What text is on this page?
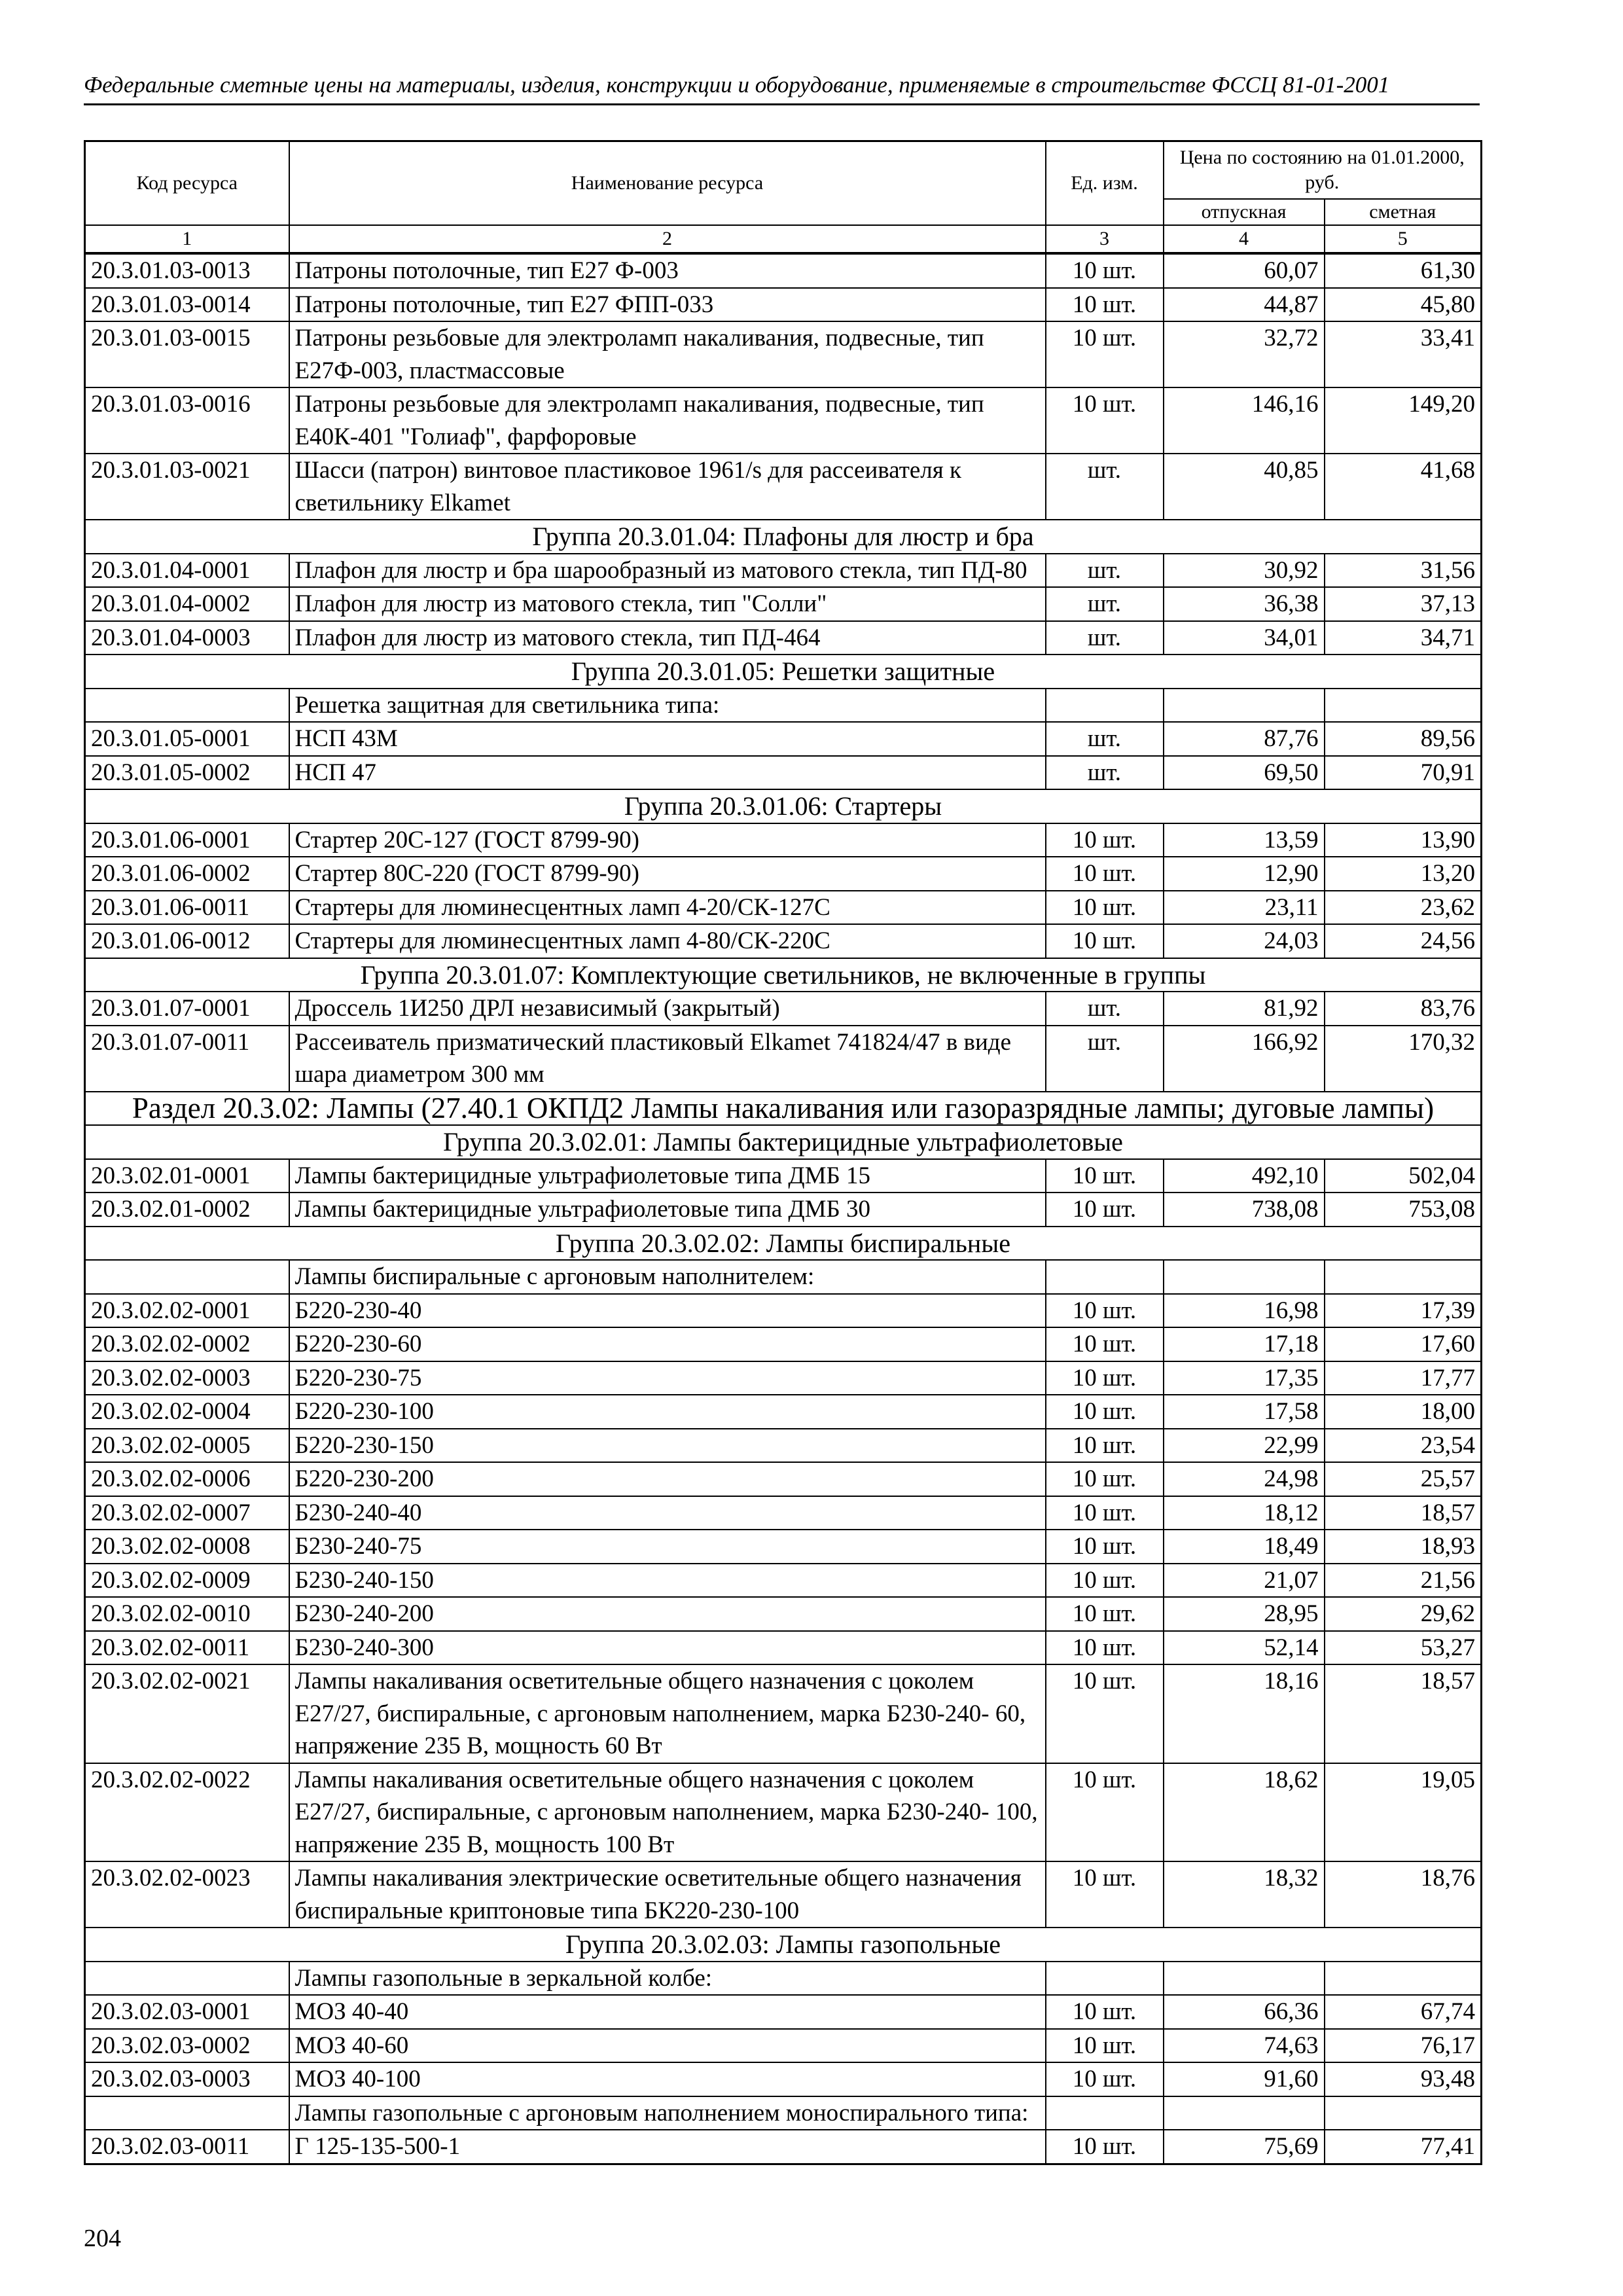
Федеральные сметные цены на материалы, изделия, конструкции и оборудование, применяемые в строительстве ФССЦ 81-01-2001
Код ресурса	Наименование ресурса	Ед. изм.	Цена по состоянию на 01.01.2000, руб.	
			отпускная	сметная
1	2	3	4	5
20.3.01.03-0013	Патроны потолочные, тип Е27 Ф-003	10 шт.	60,07	61,30
20.3.01.03-0014	Патроны потолочные, тип Е27 ФПП-033	10 шт.	44,87	45,80
20.3.01.03-0015	Патроны резьбовые для электроламп накаливания, подвесные, тип Е27Ф-003, пластмассовые	10 шт.	32,72	33,41
20.3.01.03-0016	Патроны резьбовые для электроламп накаливания, подвесные, тип Е40К-401 "Голиаф", фарфоровые	10 шт.	146,16	149,20
20.3.01.03-0021	Шасси (патрон) винтовое пластиковое 1961/s для рассеивателя к светильнику Elkamet	шт.	40,85	41,68
Группа 20.3.01.04: Плафоны для люстр и бра				
20.3.01.04-0001	Плафон для люстр и бра шарообразный из матового стекла, тип ПД-80	шт.	30,92	31,56
20.3.01.04-0002	Плафон для люстр из матового стекла, тип "Солли"	шт.	36,38	37,13
20.3.01.04-0003	Плафон для люстр из матового стекла, тип ПД-464	шт.	34,01	34,71
Группа 20.3.01.05: Решетки защитные				
	Решетка защитная для светильника типа:			
20.3.01.05-0001	НСП 43М	шт.	87,76	89,56
20.3.01.05-0002	НСП 47	шт.	69,50	70,91
Группа 20.3.01.06: Стартеры				
20.3.01.06-0001	Стартер 20С-127 (ГОСТ 8799-90)	10 шт.	13,59	13,90
20.3.01.06-0002	Стартер 80С-220 (ГОСТ 8799-90)	10 шт.	12,90	13,20
20.3.01.06-0011	Стартеры для люминесцентных ламп 4-20/СК-127С	10 шт.	23,11	23,62
20.3.01.06-0012	Стартеры для люминесцентных ламп 4-80/СК-220С	10 шт.	24,03	24,56
Группа 20.3.01.07: Комплектующие светильников, не включенные в группы				
20.3.01.07-0001	Дроссель 1И250 ДРЛ независимый (закрытый)	шт.	81,92	83,76
20.3.01.07-0011	Рассеиватель призматический пластиковый Elkamet 741824/47 в виде шара диаметром 300 мм	шт.	166,92	170,32
Раздел 20.3.02: Лампы (27.40.1 ОКПД2 Лампы накаливания или газоразрядные лампы; дуговые лампы)				
Группа 20.3.02.01: Лампы бактерицидные ультрафиолетовые				
20.3.02.01-0001	Лампы бактерицидные ультрафиолетовые типа ДМБ 15	10 шт.	492,10	502,04
20.3.02.01-0002	Лампы бактерицидные ультрафиолетовые типа ДМБ 30	10 шт.	738,08	753,08
Группа 20.3.02.02: Лампы биспиральные				
	Лампы биспиральные с аргоновым наполнителем:			
20.3.02.02-0001	Б220-230-40	10 шт.	16,98	17,39
20.3.02.02-0002	Б220-230-60	10 шт.	17,18	17,60
20.3.02.02-0003	Б220-230-75	10 шт.	17,35	17,77
20.3.02.02-0004	Б220-230-100	10 шт.	17,58	18,00
20.3.02.02-0005	Б220-230-150	10 шт.	22,99	23,54
20.3.02.02-0006	Б220-230-200	10 шт.	24,98	25,57
20.3.02.02-0007	Б230-240-40	10 шт.	18,12	18,57
20.3.02.02-0008	Б230-240-75	10 шт.	18,49	18,93
20.3.02.02-0009	Б230-240-150	10 шт.	21,07	21,56
20.3.02.02-0010	Б230-240-200	10 шт.	28,95	29,62
20.3.02.02-0011	Б230-240-300	10 шт.	52,14	53,27
20.3.02.02-0021	Лампы накаливания осветительные общего назначения с цоколем Е27/27, биспиральные, с аргоновым наполнением, марка Б230-240- 60, напряжение 235 В, мощность 60 Вт	10 шт.	18,16	18,57
20.3.02.02-0022	Лампы накаливания осветительные общего назначения с цоколем Е27/27, биспиральные, с аргоновым наполнением, марка Б230-240- 100, напряжение 235 В, мощность 100 Вт	10 шт.	18,62	19,05
20.3.02.02-0023	Лампы накаливания электрические осветительные общего назначения биспиральные криптоновые типа БК220-230-100	10 шт.	18,32	18,76
Группа 20.3.02.03: Лампы газопольные				
	Лампы газопольные в зеркальной колбе:			
20.3.02.03-0001	МОЗ 40-40	10 шт.	66,36	67,74
20.3.02.03-0002	МОЗ 40-60	10 шт.	74,63	76,17
20.3.02.03-0003	МОЗ 40-100	10 шт.	91,60	93,48
	Лампы газопольные с аргоновым наполнением моноспирального типа:			
20.3.02.03-0011	Г 125-135-500-1	10 шт.	75,69	77,41
204
